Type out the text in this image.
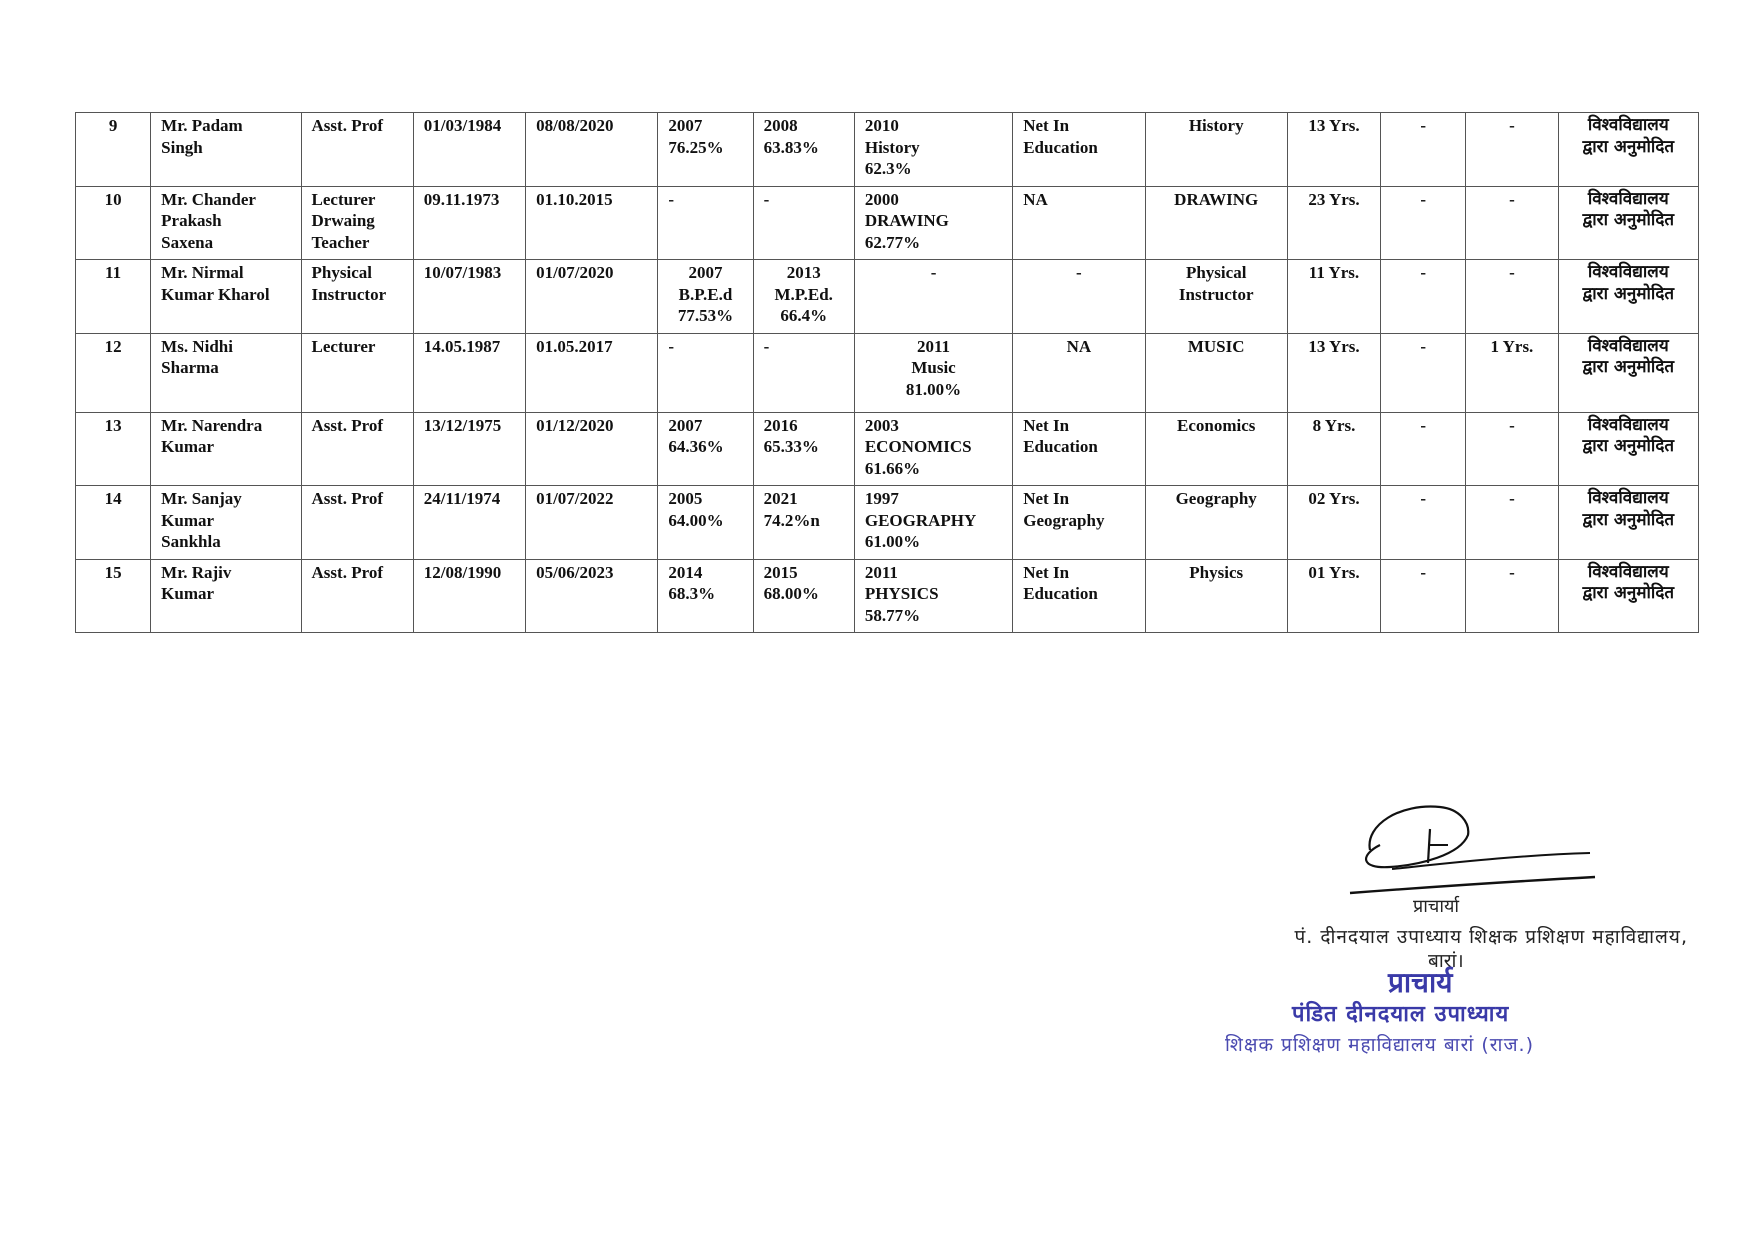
9	Mr. Padam
Singh	Asst. Prof	01/03/1984	08/08/2020	2007
76.25%	2008
63.83%	2010
History
62.3%	Net In
Education	History	13 Yrs.	-	-	विश्वविद्यालय
द्वारा अनुमोदित
10	Mr. Chander
Prakash
Saxena	Lecturer
Drwaing
Teacher	09.11.1973	01.10.2015	-	-	2000
DRAWING
62.77%	NA	DRAWING	23 Yrs.	-	-	विश्वविद्यालय
द्वारा अनुमोदित
11	Mr. Nirmal
Kumar Kharol	Physical
Instructor	10/07/1983	01/07/2020	2007
B.P.E.d
77.53%	2013
M.P.Ed.
66.4%	-	-	Physical
Instructor	11 Yrs.	-	-	विश्वविद्यालय
द्वारा अनुमोदित
12	Ms. Nidhi
Sharma	Lecturer	14.05.1987	01.05.2017	-	-	2011
Music
81.00%	NA	MUSIC	13 Yrs.	-	1 Yrs.	विश्वविद्यालय
द्वारा अनुमोदित
13	Mr. Narendra
Kumar	Asst. Prof	13/12/1975	01/12/2020	2007
64.36%	2016
65.33%	2003
ECONOMICS
61.66%	Net In
Education	Economics	8 Yrs.	-	-	विश्वविद्यालय
द्वारा अनुमोदित
14	Mr. Sanjay
Kumar
Sankhla	Asst. Prof	24/11/1974	01/07/2022	2005
64.00%	2021
74.2%n	1997
GEOGRAPHY
61.00%	Net In
Geography	Geography	02 Yrs.	-	-	विश्वविद्यालय
द्वारा अनुमोदित
15	Mr. Rajiv
Kumar	Asst. Prof	12/08/1990	05/06/2023	2014
68.3%	2015
68.00%	2011
PHYSICS
58.77%	Net In
Education	Physics	01 Yrs.	-	-	विश्वविद्यालय
द्वारा अनुमोदित
प्राचार्या
पं. दीनदयाल उपाध्याय शिक्षक प्रशिक्षण महाविद्यालय,
बारां।
प्राचार्य
पंडित दीनदयाल उपाध्याय
शिक्षक प्रशिक्षण महाविद्यालय बारां (राज.)
